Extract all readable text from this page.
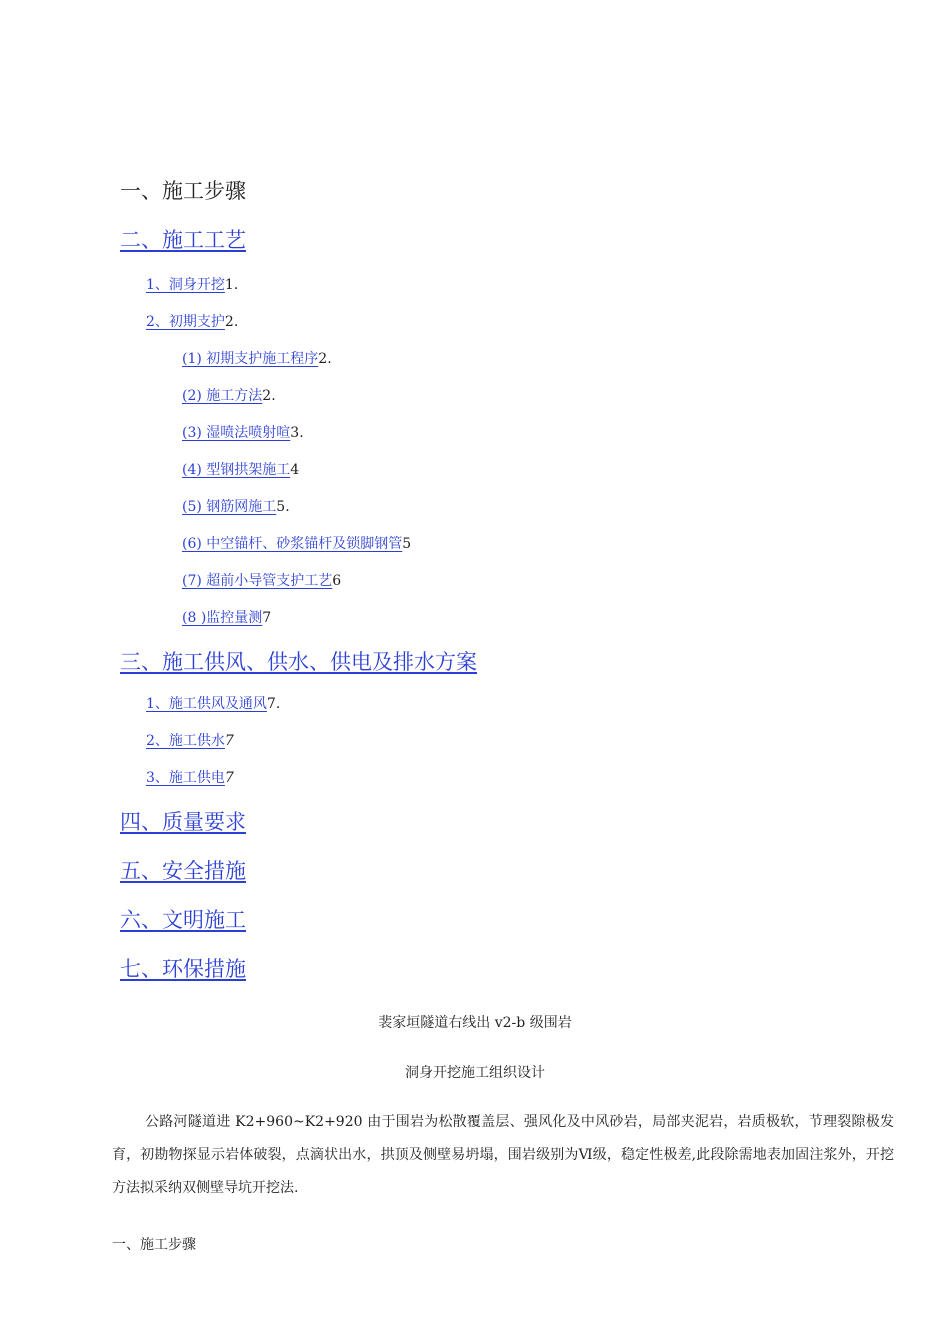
一、施工步骤
二、施工工艺
1、洞身开挖1.
2、初期支护2.
(1) 初期支护施工程序2.
(2) 施工方法2.
(3) 湿喷法喷射喧3.
(4) 型钢拱架施工4
(5) 钢筋网施工5.
(6) 中空锚杆、砂浆锚杆及锁脚钢管5
(7) 超前小导管支护工艺6
(8 )监控量测7
三、施工供风、供水、供电及排水方案
1、施工供风及通风7.
2、施工供水7
3、施工供电7
四、质量要求
五、安全措施
六、文明施工
七、环保措施
裴家垣隧道右线出 v2-b 级围岩
洞身开挖施工组织设计
公路河隧道进 K2+960~K2+920 由于围岩为松散覆盖层、强风化及中风砂岩，局部夹泥岩，岩质极软，节理裂隙极发育，初勘物探显示岩体破裂，点滴状出水，拱顶及侧壁易坍塌，围岩级别为Ⅵ级，稳定性极差,此段除需地表加固注浆外，开挖方法拟采纳双侧壁导坑开挖法.
一、施工步骤
